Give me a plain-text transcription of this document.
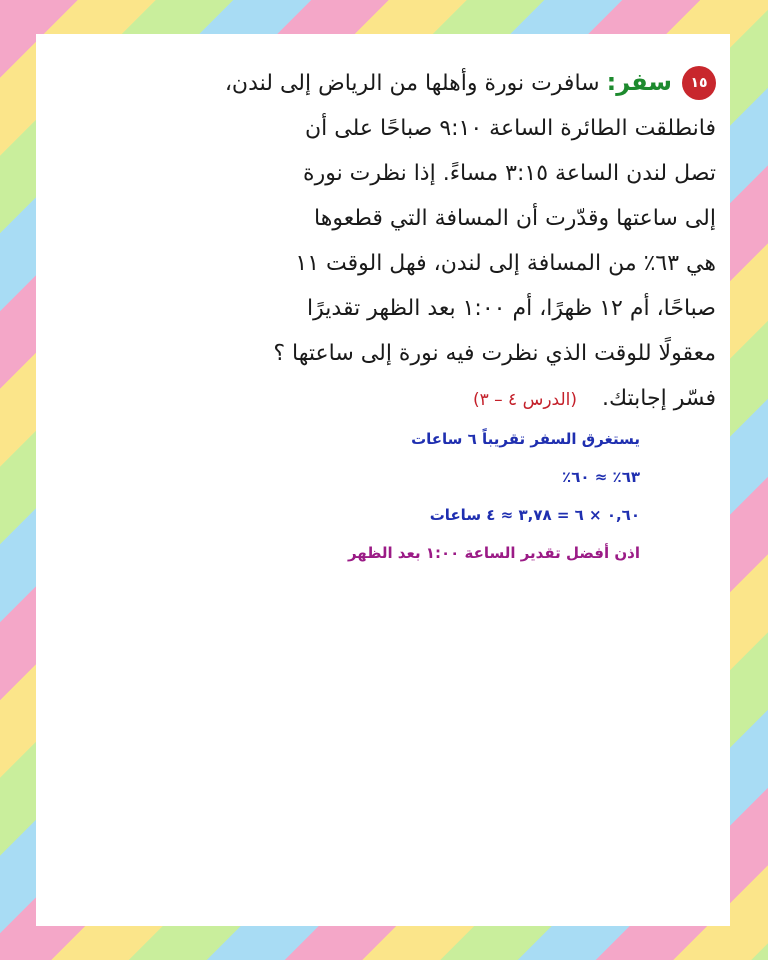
١٥
سفر: سافرت نورة وأهلها من الرياض إلى لندن،
فانطلقت الطائرة الساعة ٩:١٠ صباحًا على أن
تصل لندن الساعة ٣:١٥ مساءً. إذا نظرت نورة
إلى ساعتها وقدّرت أن المسافة التي قطعوها
هي ٦٣٪ من المسافة إلى لندن، فهل الوقت ١١
صباحًا، أم ١٢ ظهرًا، أم ١:٠٠ بعد الظهر تقديرًا
معقولًا للوقت الذي نظرت فيه نورة إلى ساعتها ؟
فسّر إجابتك. (الدرس ٤ – ٣)
يستغرق السفر تقريباً ٦ ساعات
٦٣٪ ≈ ٦٠٪
٠,٦٠ × ٦ = ٣,٧٨ ≈ ٤ ساعات
اذن أفضل تقدير الساعة ١:٠٠ بعد الظهر
